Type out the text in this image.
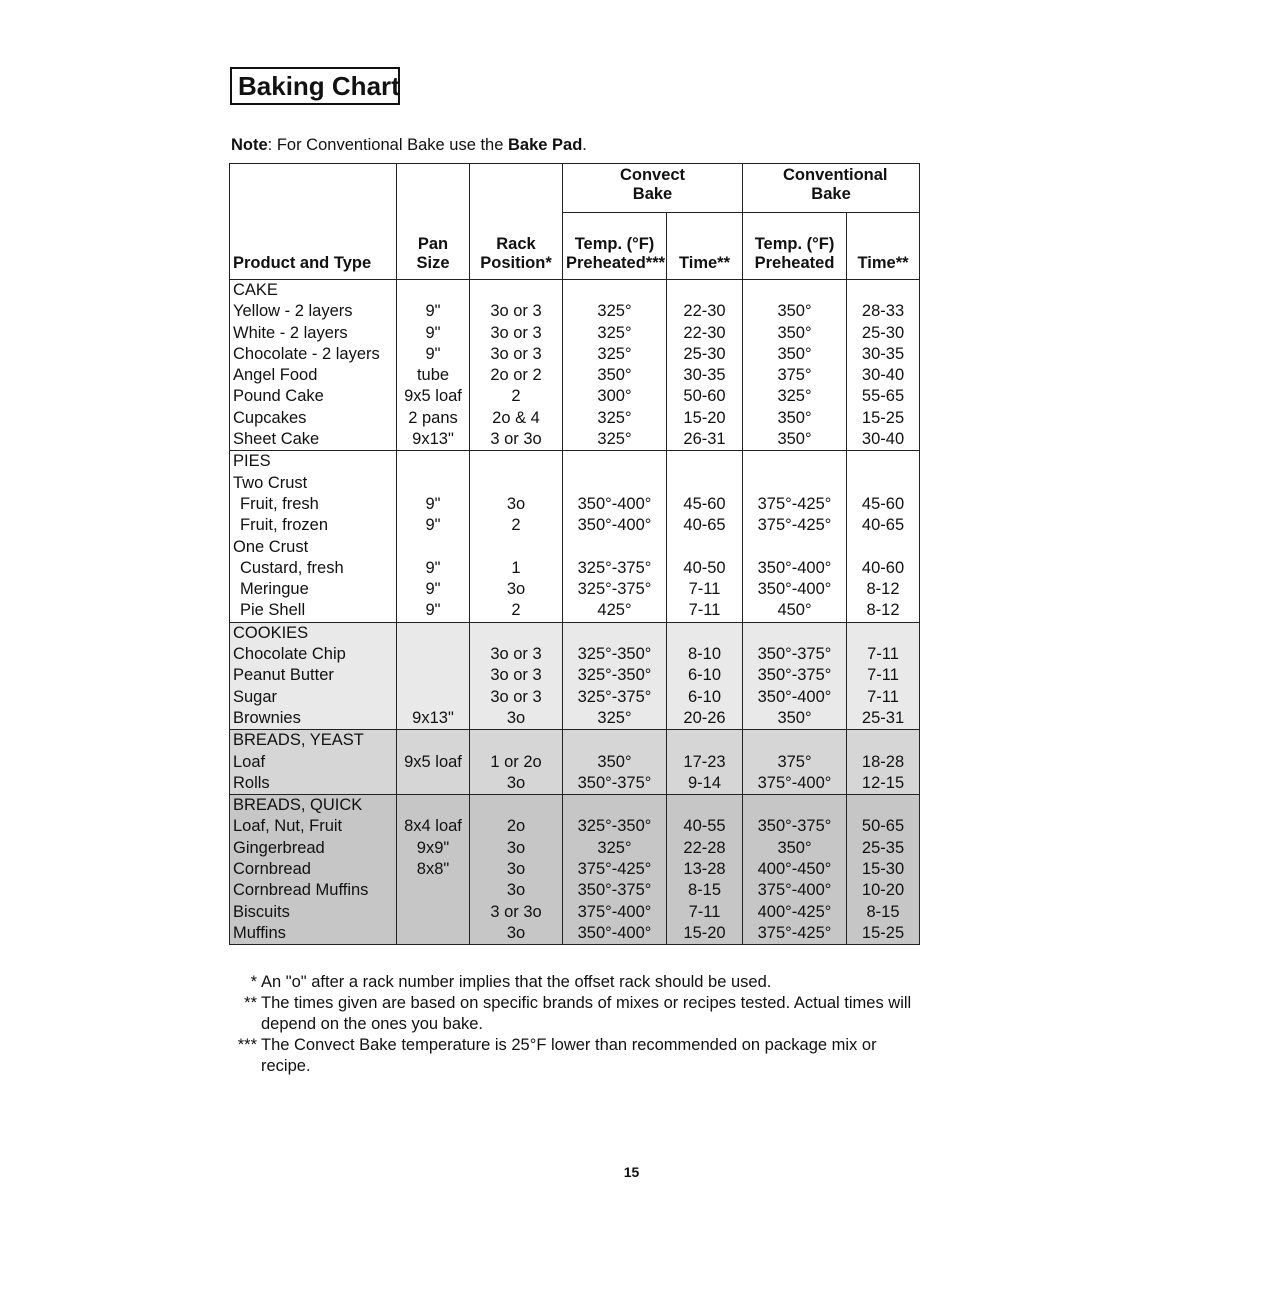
Baking Chart
Note: For Conventional Bake use the Bake Pad.
			Convect Bake		Conventional Bake	
Product and Type	Pan Size	Rack Position*	Temp. (°F) Preheated***	Time**	Temp. (°F) Preheated	Time**
CAKE						
Yellow - 2 layers	9"	3o or 3	325°	22-30	350°	28-33
White - 2 layers	9"	3o or 3	325°	22-30	350°	25-30
Chocolate - 2 layers	9"	3o or 3	325°	25-30	350°	30-35
Angel Food	tube	2o or 2	350°	30-35	375°	30-40
Pound Cake	9x5 loaf	2	300°	50-60	325°	55-65
Cupcakes	2 pans	2o & 4	325°	15-20	350°	15-25
Sheet Cake	9x13"	3 or 3o	325°	26-31	350°	30-40
PIES						
Two Crust						
Fruit, fresh	9"	3o	350°-400°	45-60	375°-425°	45-60
Fruit, frozen	9"	2	350°-400°	40-65	375°-425°	40-65
One Crust						
Custard, fresh	9"	1	325°-375°	40-50	350°-400°	40-60
Meringue	9"	3o	325°-375°	7-11	350°-400°	8-12
Pie Shell	9"	2	425°	7-11	450°	8-12
COOKIES						
Chocolate Chip		3o or 3	325°-350°	8-10	350°-375°	7-11
Peanut Butter		3o or 3	325°-350°	6-10	350°-375°	7-11
Sugar		3o or 3	325°-375°	6-10	350°-400°	7-11
Brownies	9x13"	3o	325°	20-26	350°	25-31
BREADS, YEAST						
Loaf	9x5 loaf	1 or 2o	350°	17-23	375°	18-28
Rolls		3o	350°-375°	9-14	375°-400°	12-15
BREADS, QUICK						
Loaf, Nut, Fruit	8x4 loaf	2o	325°-350°	40-55	350°-375°	50-65
Gingerbread	9x9"	3o	325°	22-28	350°	25-35
Cornbread	8x8"	3o	375°-425°	13-28	400°-450°	15-30
Cornbread Muffins		3o	350°-375°	8-15	375°-400°	10-20
Biscuits		3 or 3o	375°-400°	7-11	400°-425°	8-15
Muffins		3o	350°-400°	15-20	375°-425°	15-25
* An "o" after a rack number implies that the offset rack should be used.
** The times given are based on specific brands of mixes or recipes tested. Actual times will depend on the ones you bake.
*** The Convect Bake temperature is 25°F lower than recommended on package mix or recipe.
15
